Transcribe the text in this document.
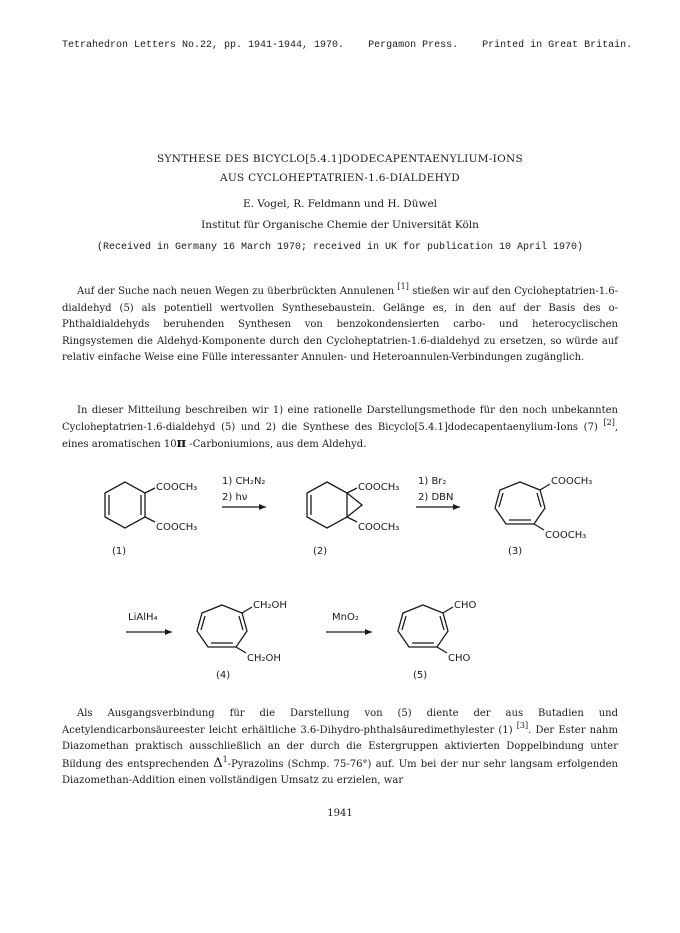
Tetrahedron Letters No.22, pp. 1941-1944, 1970. Pergamon Press. Printed in Great Britain.
SYNTHESE DES BICYCLO[5.4.1]DODECAPENTAENYLIUM-IONS
AUS CYCLOHEPTATRIEN-1.6-DIALDEHYD
E. Vogel, R. Feldmann und H. Düwel
Institut für Organische Chemie der Universität Köln
(Received in Germany 16 March 1970; received in UK for publication 10 April 1970)
Auf der Suche nach neuen Wegen zu überbrückten Annulenen [1] stießen wir auf den Cycloheptatrien-1.6-dialdehyd (5) als potentiell wertvollen Synthesebaustein. Gelänge es, in den auf der Basis des o-Phthaldialdehyds beruhenden Synthesen von benzokondensierten carbo- und heterocyclischen Ringsystemen die Aldehyd-Komponente durch den Cycloheptatrien-1.6-dialdehyd zu ersetzen, so würde auf relativ einfache Weise eine Fülle interessanter Annulen- und Heteroannulen-Verbindungen zugänglich.
In dieser Mitteilung beschreiben wir 1) eine rationelle Darstellungsmethode für den noch unbekannten Cycloheptatrien-1.6-dialdehyd (5) und 2) die Synthese des Bicyclo[5.4.1]dodecapentaenylium-Ions (7) [2], eines aromatischen 10π -Carboniumions, aus dem Aldehyd.
COOCH₃
COOCH₃
COOCH₃
COOCH₃
COOCH₃
COOCH₃
CH₂OH
CH₂OH
CHO
CHO
1) CH₂N₂
2) hν
1) Br₂
2) DBN
LiAlH₄	MnO₂
(1)	(2)	(3)
(4)	(5)
Als Ausgangsverbindung für die Darstellung von (5) diente der aus Butadien und Acetylendicarbonsäureester leicht erhältliche 3.6-Dihydro-phthalsäuredimethylester (1) [3]. Der Ester nahm Diazomethan praktisch ausschließlich an der durch die Estergruppen aktivierten Doppelbindung unter Bildung des entsprechenden $\Delta^1$-Pyrazolins (Schmp. 75-76°) auf. Um bei der nur sehr langsam erfolgenden Diazomethan-Addition einen vollständigen Umsatz zu erzielen, war
1941
